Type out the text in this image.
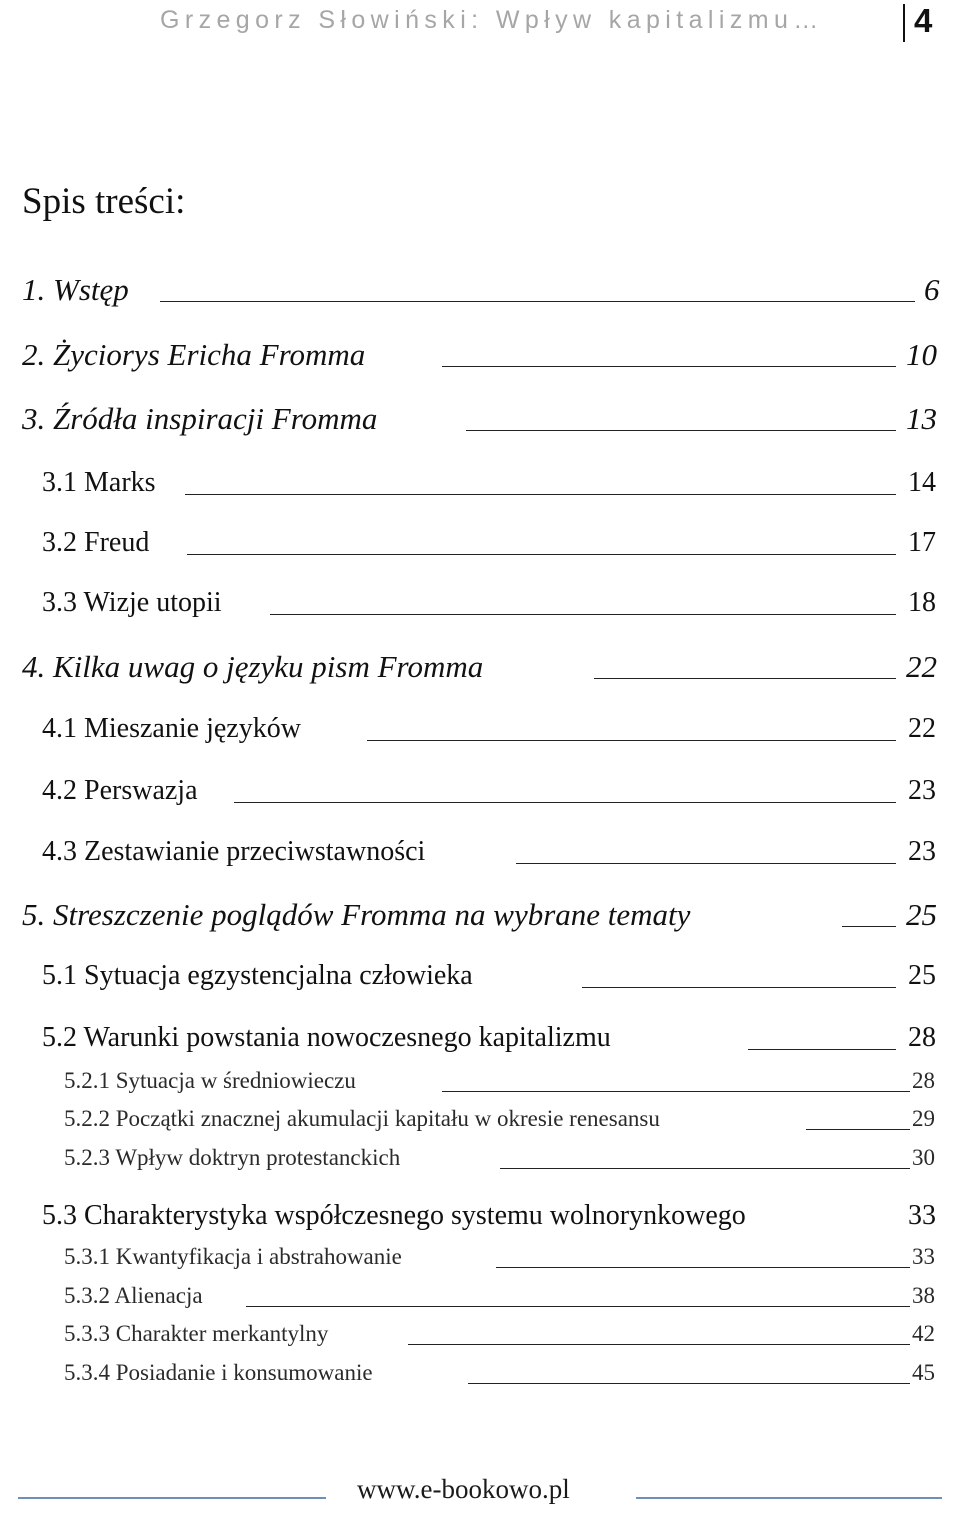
Grzegorz Słowiński: Wpływ kapitalizmu…	4
Spis treści:
1. Wstęp	6
2. Życiorys Ericha Fromma	10
3. Źródła inspiracji Fromma	13
3.1 Marks	14
3.2 Freud	17
3.3 Wizje utopii	18
4. Kilka uwag o języku pism Fromma	22
4.1 Mieszanie języków	22
4.2 Perswazja	23
4.3 Zestawianie przeciwstawności	23
5. Streszczenie poglądów Fromma na wybrane tematy	25
5.1 Sytuacja egzystencjalna człowieka	25
5.2 Warunki powstania nowoczesnego kapitalizmu	28
5.2.1 Sytuacja w średniowieczu	28
5.2.2 Początki znacznej akumulacji kapitału w okresie renesansu	29
5.2.3 Wpływ doktryn protestanckich	30
5.3 Charakterystyka współczesnego systemu wolnorynkowego	33
5.3.1 Kwantyfikacja i abstrahowanie	33
5.3.2 Alienacja	38
5.3.3 Charakter merkantylny	42
5.3.4 Posiadanie i konsumowanie	45
www.e-bookowo.pl
